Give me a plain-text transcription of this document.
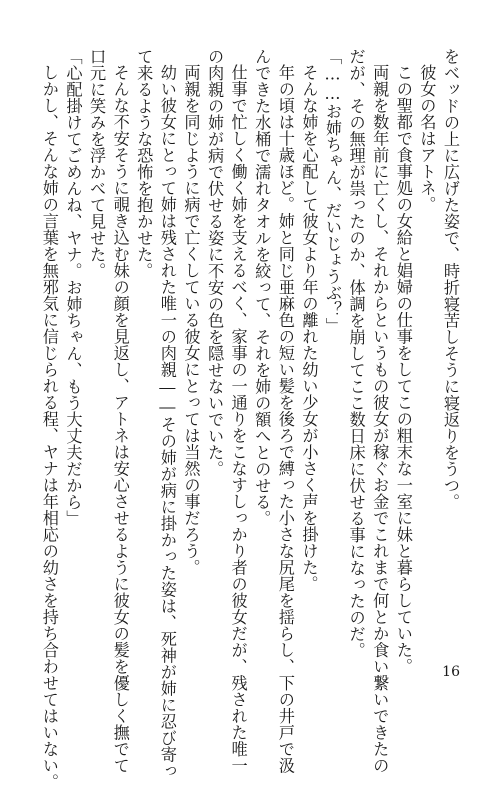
をベッドの上に広げた姿で、時折寝苦しそうに寝返りをうつ。
彼女の名はアトネ。
この聖都で食事処の女給と娼婦の仕事をしてこの粗末な一室に妹と暮らしていた。
両親を数年前に亡くし、それからというもの彼女が稼ぐお金でこれまで何とか食い繋いできたの
だが、その無理が祟ったのか、体調を崩してここ数日床に伏せる事になったのだ。
「……お姉ちゃん、だいじょうぶ？」
そんな姉を心配して彼女より年の離れた幼い少女が小さく声を掛けた。
年の頃は十歳ほど。姉と同じ亜麻色の短い髪を後ろで縛った小さな尻尾を揺らし、下の井戸で汲
んできた水桶で濡れタオルを絞って、それを姉の額へとのせる。
仕事で忙しく働く姉を支えるべく、家事の一通りをこなすしっかり者の彼女だが、残された唯一
の肉親の姉が病で伏せる姿に不安の色を隠せないでいた。
両親を同じように病で亡くしている彼女にとっては当然の事だろう。
幼い彼女にとって姉は残された唯一の肉親――その姉が病に掛かった姿は、死神が姉に忍び寄っ
て来るような恐怖を抱かせた。
そんな不安そうに覗き込む妹の顔を見返し、アトネは安心させるように彼女の髪を優しく撫でて
口元に笑みを浮かべて見せた。
「心配掛けてごめんね、ヤナ。お姉ちゃん、もう大丈夫だから」
しかし、そんな姉の言葉を無邪気に信じられる程、ヤナは年相応の幼さを持ち合わせてはいない。	16
